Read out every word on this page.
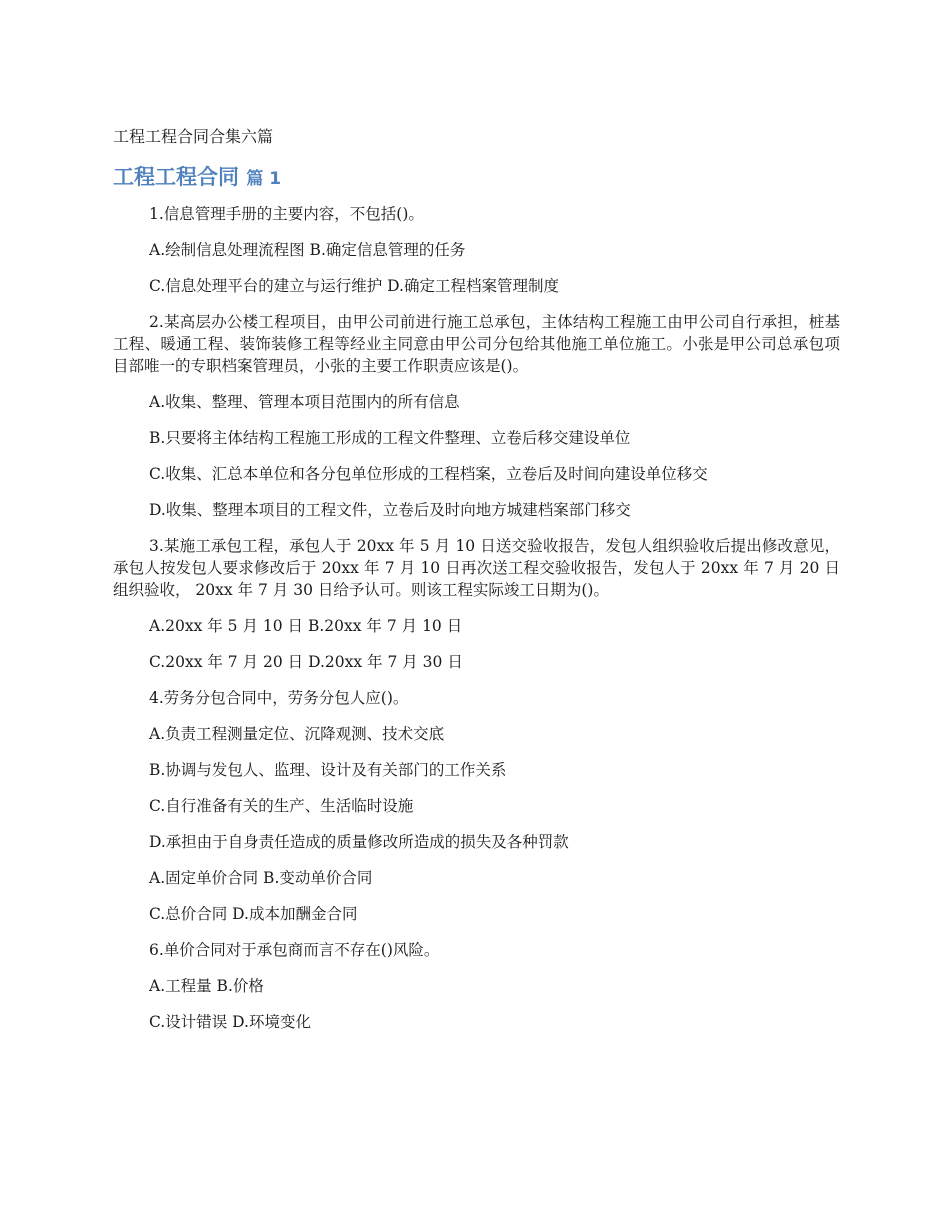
工程工程合同合集六篇
工程工程合同 篇 1

1.信息管理手册的主要内容，不包括()。

A.绘制信息处理流程图 B.确定信息管理的任务

C.信息处理平台的建立与运行维护 D.确定工程档案管理制度

2.某高层办公楼工程项目，由甲公司前进行施工总承包，主体结构工程施工由甲公司自行承担，桩基工程、暖通工程、装饰装修工程等经业主同意由甲公司分包给其他施工单位施工。小张是甲公司总承包项目部唯一的专职档案管理员，小张的主要工作职责应该是()。

A.收集、整理、管理本项目范围内的所有信息

B.只要将主体结构工程施工形成的工程文件整理、立卷后移交建设单位

C.收集、汇总本单位和各分包单位形成的工程档案，立卷后及时间向建设单位移交

D.收集、整理本项目的工程文件，立卷后及时向地方城建档案部门移交

3.某施工承包工程，承包人于 20xx 年 5 月 10 日送交验收报告，发包人组织验收后提出修改意见，承包人按发包人要求修改后于 20xx 年 7 月 10 日再次送工程交验收报告，发包人于 20xx 年 7 月 20 日组织验收， 20xx 年 7 月 30 日给予认可。则该工程实际竣工日期为()。

A.20xx 年 5 月 10 日 B.20xx 年 7 月 10 日

C.20xx 年 7 月 20 日 D.20xx 年 7 月 30 日

4.劳务分包合同中，劳务分包人应()。

A.负责工程测量定位、沉降观测、技术交底

B.协调与发包人、监理、设计及有关部门的工作关系

C.自行准备有关的生产、生活临时设施

D.承担由于自身责任造成的质量修改所造成的损失及各种罚款

A.固定单价合同 B.变动单价合同

C.总价合同 D.成本加酬金合同

6.单价合同对于承包商而言不存在()风险。

A.工程量 B.价格

C.设计错误 D.环境变化
